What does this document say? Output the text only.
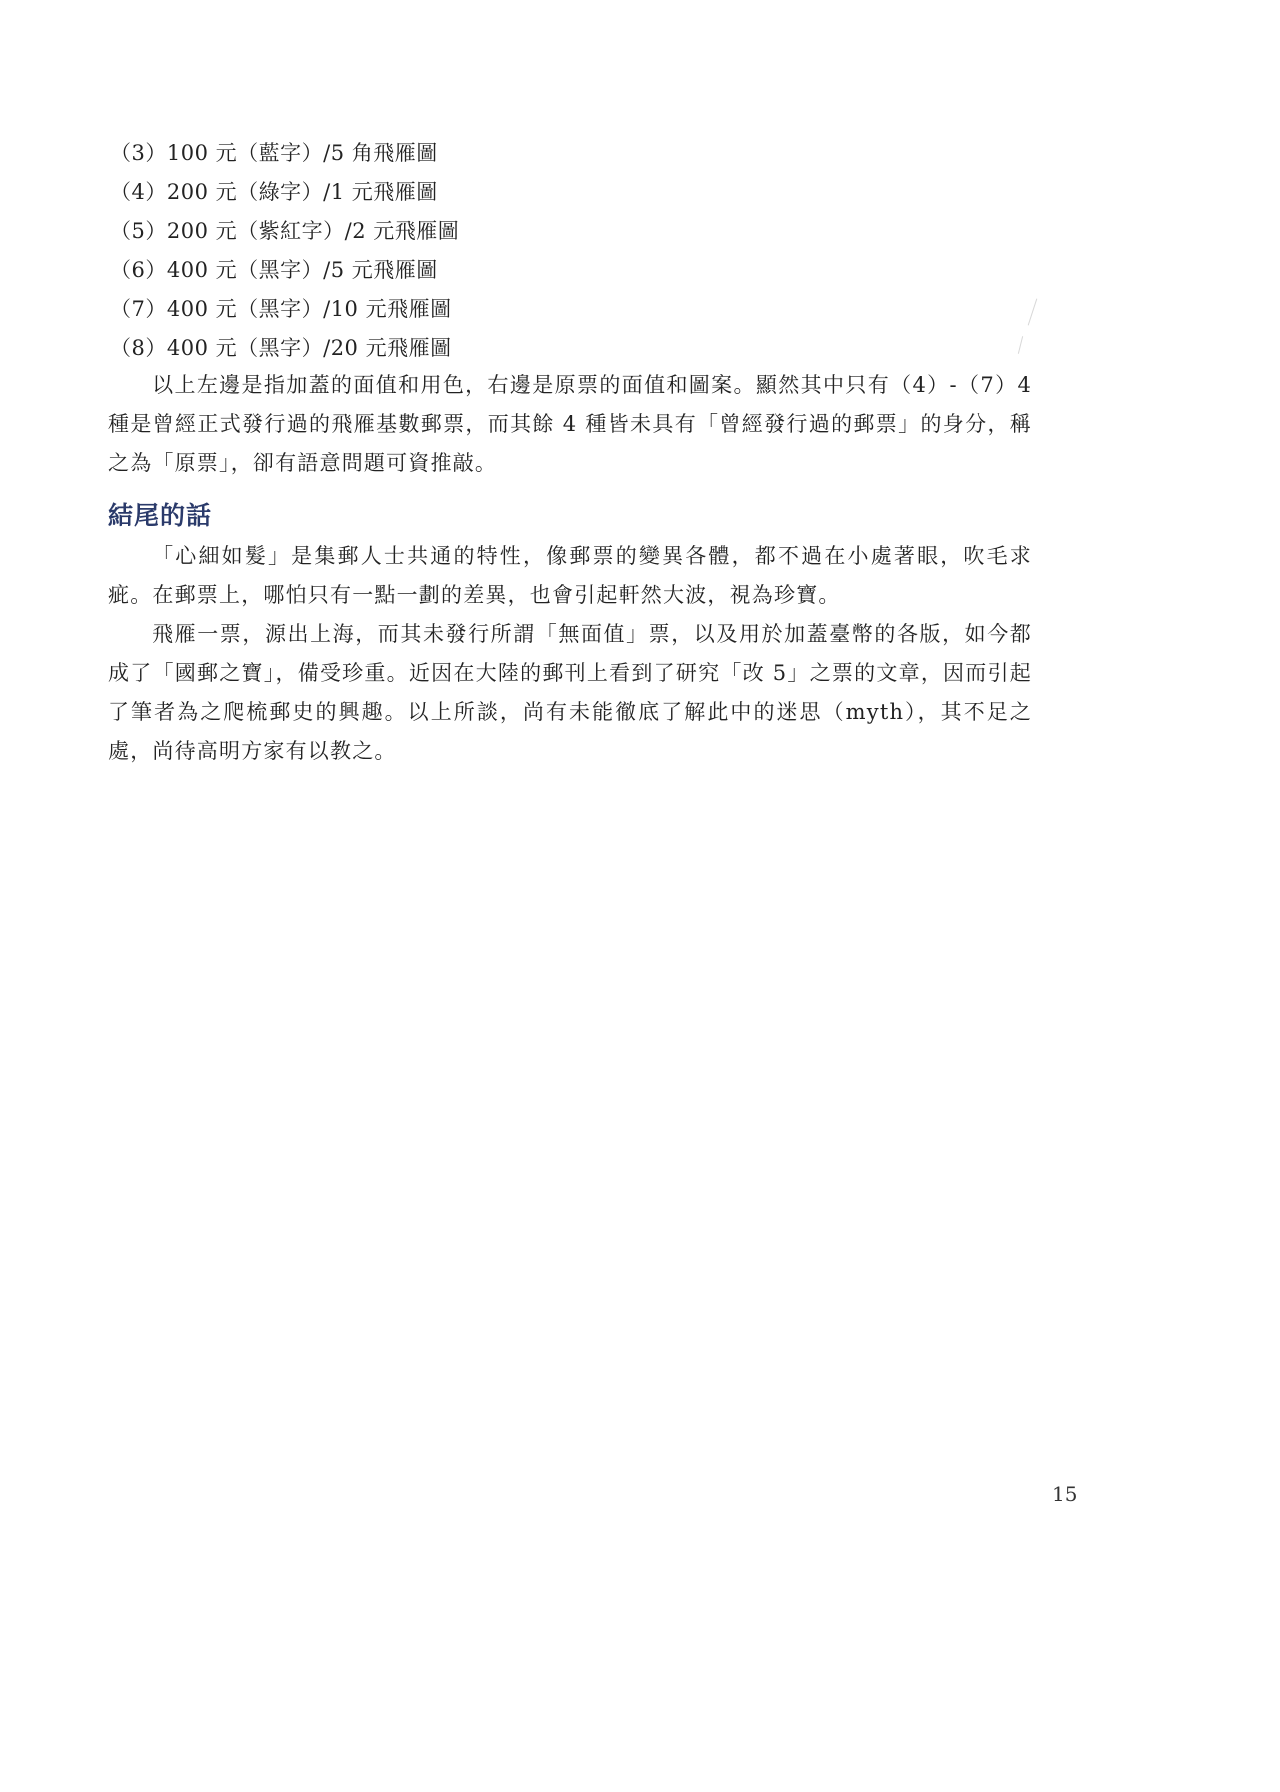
（3）100 元（藍字）/5 角飛雁圖
（4）200 元（綠字）/1 元飛雁圖
（5）200 元（紫紅字）/2 元飛雁圖
（6）400 元（黑字）/5 元飛雁圖
（7）400 元（黑字）/10 元飛雁圖
（8）400 元（黑字）/20 元飛雁圖

以上左邊是指加蓋的面值和用色，右邊是原票的面值和圖案。顯然其中只有（4）-（7）4 種是曾經正式發行過的飛雁基數郵票，而其餘 4 種皆未具有「曾經發行過的郵票」的身分，稱之為「原票」，卻有語意問題可資推敲。

結尾的話

「心細如髮」是集郵人士共通的特性，像郵票的變異各體，都不過在小處著眼，吹毛求疵。在郵票上，哪怕只有一點一劃的差異，也會引起軒然大波，視為珍寶。

飛雁一票，源出上海，而其未發行所謂「無面值」票，以及用於加蓋臺幣的各版，如今都成了「國郵之寶」，備受珍重。近因在大陸的郵刊上看到了研究「改 5」之票的文章，因而引起了筆者為之爬梳郵史的興趣。以上所談，尚有未能徹底了解此中的迷思（myth），其不足之處，尚待高明方家有以教之。

15
